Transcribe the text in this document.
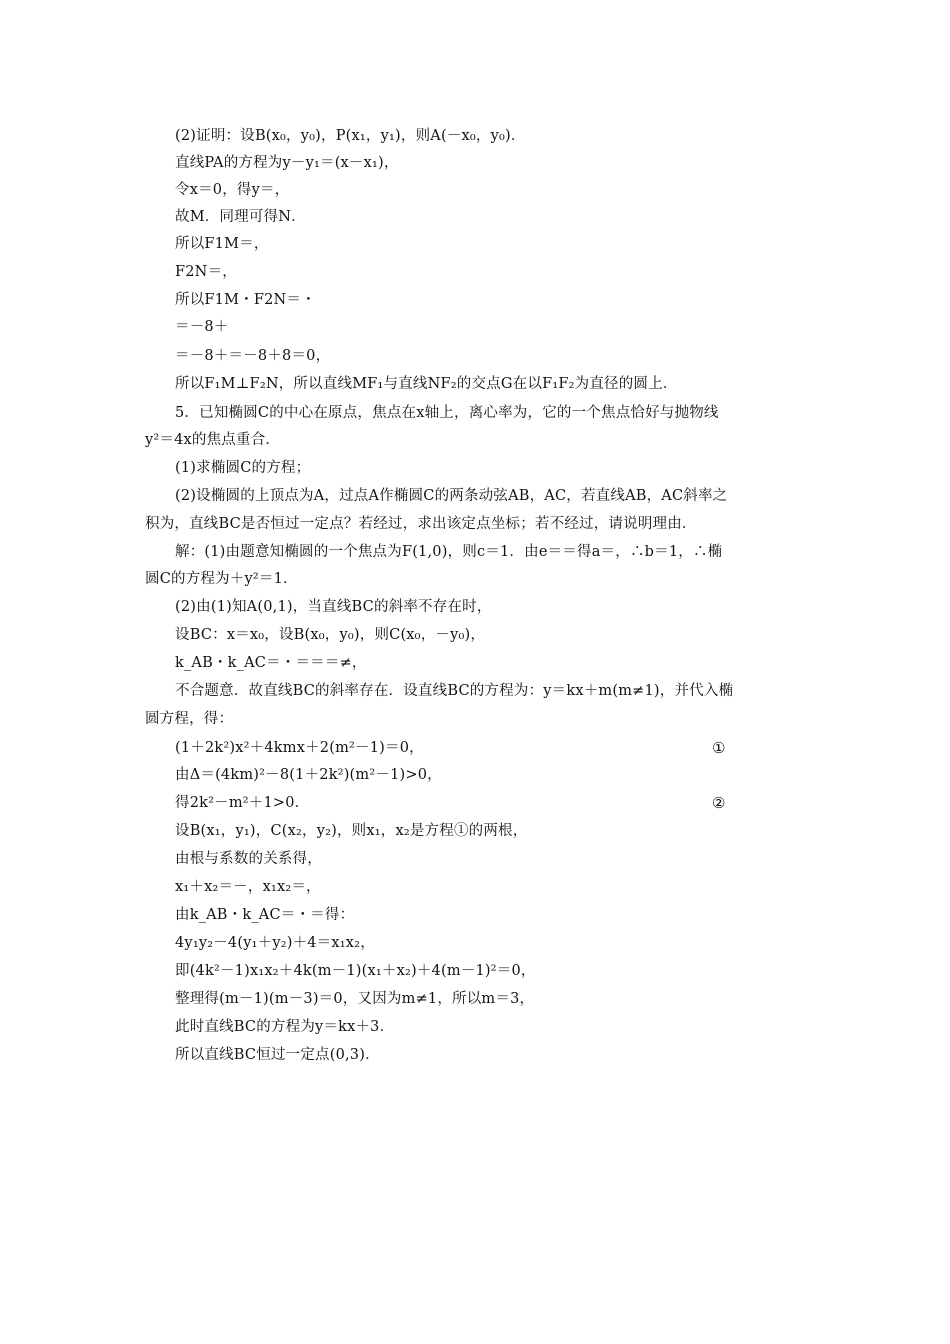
(2)证明：设B(x₀，y₀)，P(x₁，y₁)，则A(－x₀，y₀)．
直线PA的方程为y－y₁＝(x－x₁)，
令x＝0，得y＝，
故M．同理可得N．
所以F1M＝，
F2N＝，
所以F1M・F2N＝・
＝－8＋
＝－8＋＝－8＋8＝0，
所以F₁M⊥F₂N，所以直线MF₁与直线NF₂的交点G在以F₁F₂为直径的圆上．
5．已知椭圆C的中心在原点，焦点在x轴上，离心率为，它的一个焦点恰好与抛物线
y²＝4x的焦点重合．
(1)求椭圆C的方程；
(2)设椭圆的上顶点为A，过点A作椭圆C的两条动弦AB，AC，若直线AB，AC斜率之
积为，直线BC是否恒过一定点？若经过，求出该定点坐标；若不经过，请说明理由．
解：(1)由题意知椭圆的一个焦点为F(1,0)，则c＝1．由e＝＝得a＝，∴b＝1，∴椭
圆C的方程为＋y²＝1．
(2)由(1)知A(0,1)，当直线BC的斜率不存在时，
设BC：x＝x₀，设B(x₀，y₀)，则C(x₀，－y₀)，
k_AB・k_AC＝・＝＝＝≠，
不合题意．故直线BC的斜率存在．设直线BC的方程为：y＝kx＋m(m≠1)，并代入椭
圆方程，得：
(1＋2k²)x²＋4kmx＋2(m²－1)＝0，	①
由Δ＝(4km)²－8(1＋2k²)(m²－1)>0，
得2k²－m²＋1>0．	②
设B(x₁，y₁)，C(x₂，y₂)，则x₁，x₂是方程①的两根，
由根与系数的关系得，
x₁＋x₂＝－，x₁x₂＝，
由k_AB・k_AC＝・＝得：
4y₁y₂－4(y₁＋y₂)＋4＝x₁x₂，
即(4k²－1)x₁x₂＋4k(m－1)(x₁＋x₂)＋4(m－1)²＝0，
整理得(m－1)(m－3)＝0，又因为m≠1，所以m＝3，
此时直线BC的方程为y＝kx＋3．
所以直线BC恒过一定点(0,3)．
